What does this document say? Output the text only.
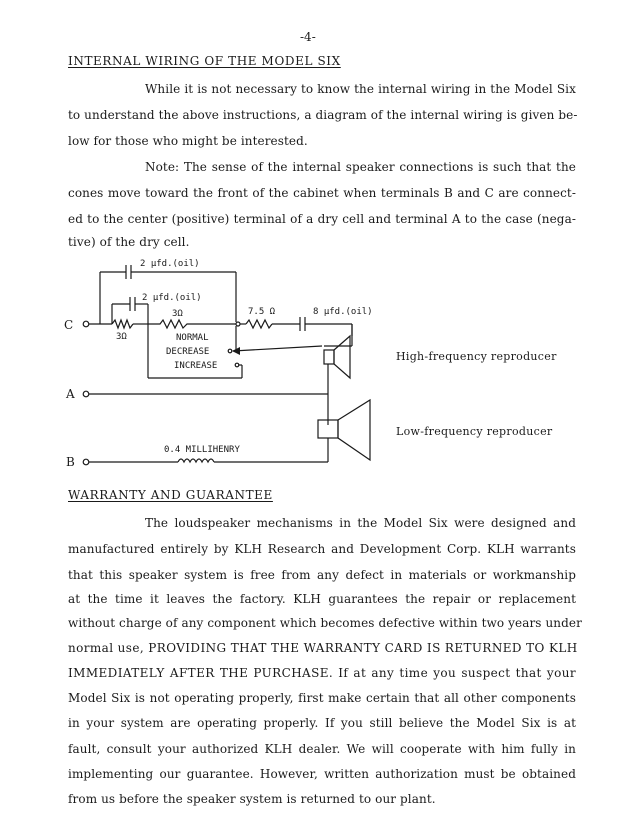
-4-
INTERNAL WIRING OF THE MODEL SIX
While it is not necessary to know the internal wiring in the Model Six
to understand the above instructions, a diagram of the internal wiring is given be-
low for those who might be interested.
Note: The sense of the internal speaker connections is such that the
cones move toward the front of the cabinet when terminals B and C are connect-
ed to the center (positive) terminal of a dry cell and terminal A to the case (nega-
tive) of the dry cell.
C
3Ω
3Ω
2 μfd.(oil)
2 μfd.(oil)
7.5 Ω	8 μfd.(oil)
NORMAL
DECREASE
INCREASE
High-frequency reproducer
A
Low-frequency reproducer
B
0.4 MILLIHENRY
WARRANTY AND GUARANTEE
The loudspeaker mechanisms in the Model Six were designed and
manufactured entirely by KLH Research and Development Corp. KLH warrants
that this speaker system is free from any defect in materials or workmanship
at the time it leaves the factory. KLH guarantees the repair or replacement
without charge of any component which becomes defective within two years under
normal use, PROVIDING THAT THE WARRANTY CARD IS RETURNED TO KLH
IMMEDIATELY AFTER THE PURCHASE. If at any time you suspect that your
Model Six is not operating properly, first make certain that all other components
in your system are operating properly. If you still believe the Model Six is at
fault, consult your authorized KLH dealer. We will cooperate with him fully in
implementing our guarantee. However, written authorization must be obtained
from us before the speaker system is returned to our plant.
